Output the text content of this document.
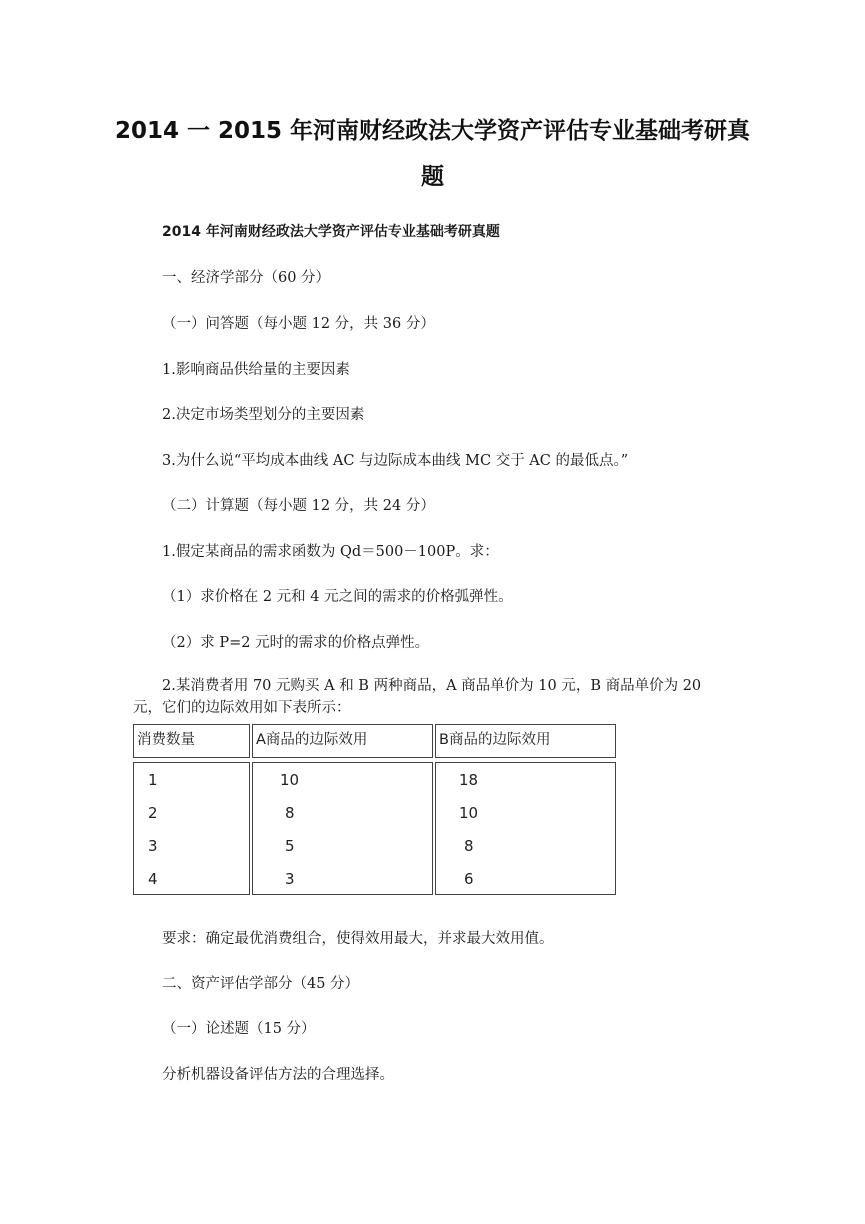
2014 一 2015 年河南财经政法大学资产评估专业基础考研真
题
2014 年河南财经政法大学资产评估专业基础考研真题
一、经济学部分（60 分）
（一）问答题（每小题 12 分，共 36 分）
1.影响商品供给量的主要因素
2.决定市场类型划分的主要因素
3.为什么说“平均成本曲线 AC 与边际成本曲线 MC 交于 AC 的最低点。”
（二）计算题（每小题 12 分，共 24 分）
1.假定某商品的需求函数为 Qd＝500－100P。求：
（1）求价格在 2 元和 4 元之间的需求的价格弧弹性。
（2）求 P=2 元时的需求的价格点弹性。
2.某消费者用 70 元购买 A 和 B 两种商品，A 商品单价为 10 元，B 商品单价为 20 元，它们的边际效用如下表所示：
消费数量	A商品的边际效用	B商品的边际效用
1
2
3
4
10
8
5
3
18
10
8
6
要求：确定最优消费组合，使得效用最大，并求最大效用值。
二、资产评估学部分（45 分）
（一）论述题（15 分）
分析机器设备评估方法的合理选择。
